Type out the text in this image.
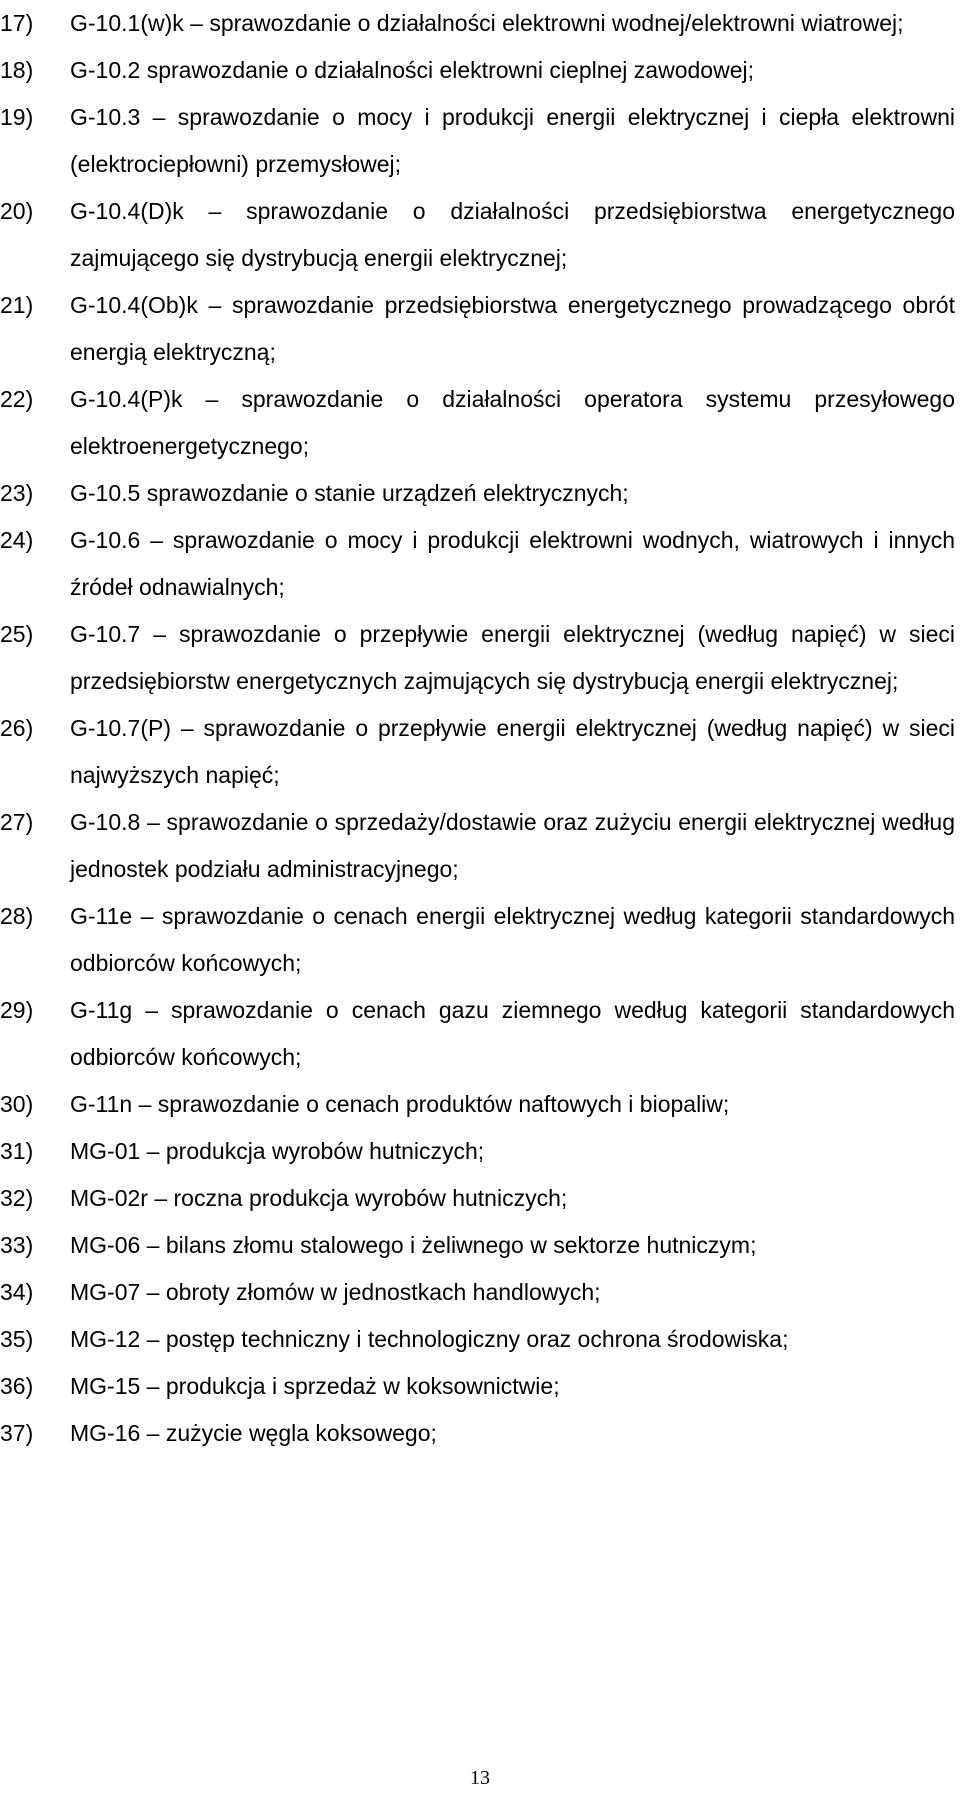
17)	G-10.1(w)k – sprawozdanie o działalności elektrowni wodnej/elektrowni wiatrowej;
18)	G-10.2 sprawozdanie o działalności elektrowni cieplnej zawodowej;
19)	G-10.3 – sprawozdanie o mocy i produkcji energii elektrycznej i ciepła elektrowni (elektrociepłowni) przemysłowej;
20)	G-10.4(D)k – sprawozdanie o działalności przedsiębiorstwa energetycznego zajmującego się dystrybucją energii elektrycznej;
21)	G-10.4(Ob)k – sprawozdanie przedsiębiorstwa energetycznego prowadzącego obrót energią elektryczną;
22)	G-10.4(P)k – sprawozdanie o działalności operatora systemu przesyłowego elektroenergetycznego;
23)	G-10.5 sprawozdanie o stanie urządzeń elektrycznych;
24)	G-10.6 – sprawozdanie o mocy i produkcji elektrowni wodnych, wiatrowych i innych źródeł odnawialnych;
25)	G-10.7 – sprawozdanie o przepływie energii elektrycznej (według napięć) w sieci przedsiębiorstw energetycznych zajmujących się dystrybucją energii elektrycznej;
26)	G-10.7(P) – sprawozdanie o przepływie energii elektrycznej (według napięć) w sieci najwyższych napięć;
27)	G-10.8 – sprawozdanie o sprzedaży/dostawie oraz zużyciu energii elektrycznej według jednostek podziału administracyjnego;
28)	G-11e – sprawozdanie o cenach energii elektrycznej według kategorii standardowych odbiorców końcowych;
29)	G-11g – sprawozdanie o cenach gazu ziemnego według kategorii standardowych odbiorców końcowych;
30)	G-11n – sprawozdanie o cenach produktów naftowych i biopaliw;
31)	MG-01 – produkcja wyrobów hutniczych;
32)	MG-02r – roczna produkcja wyrobów hutniczych;
33)	MG-06 – bilans złomu stalowego i żeliwnego w sektorze hutniczym;
34)	MG-07 – obroty złomów w jednostkach handlowych;
35)	MG-12 – postęp techniczny i technologiczny oraz ochrona środowiska;
36)	MG-15 – produkcja i sprzedaż w koksownictwie;
37)	MG-16 – zużycie węgla koksowego;
13
